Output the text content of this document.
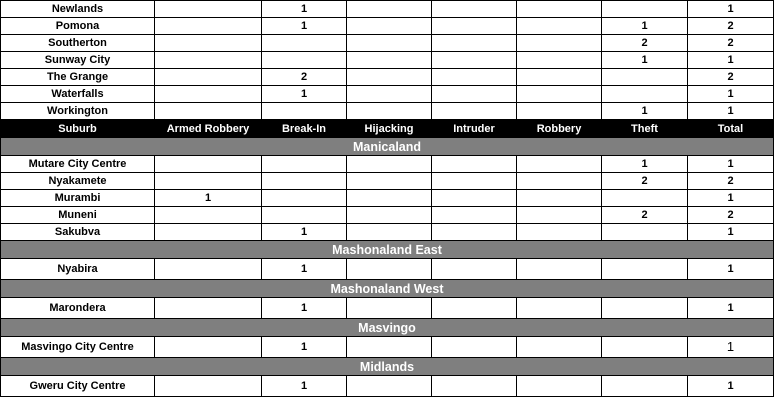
Newlands		1					1
Pomona		1				1	2
Southerton						2	2
Sunway City						1	1
The Grange		2					2
Waterfalls		1					1
Workington						1	1
Suburb	Armed Robbery	Break-In	Hijacking	Intruder	Robbery	Theft	Total
Manicaland							
Mutare City Centre						1	1
Nyakamete						2	2
Murambi	1						1
Muneni						2	2
Sakubva		1					1
Mashonaland East							
Nyabira		1					1
Mashonaland West							
Marondera		1					1
Masvingo							
Masvingo City Centre		1					1
Midlands							
Gweru City Centre		1					1
